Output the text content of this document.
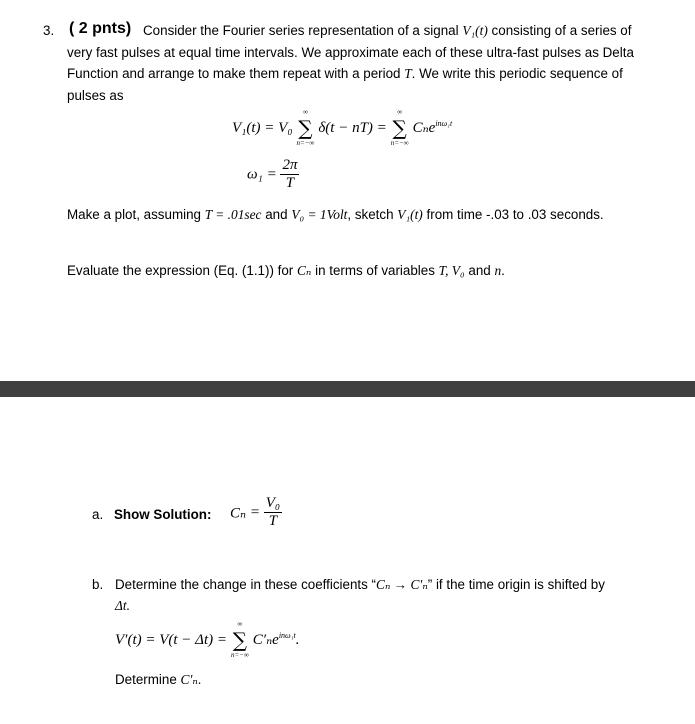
3. ( 2 pnts) Consider the Fourier series representation of a signal V₁(t) consisting of a series of
very fast pulses at equal time intervals. We approximate each of these ultra-fast pulses as Delta
Function and arrange to make them repeat with a period T. We write this periodic sequence of
pulses as
V₁(t) = V₀ ∑
∞
n=−∞
δ(t − nT) = ∑
∞
n=−∞
Cₙe$^{in\omega_1t}$
$\omega_1 = \frac{2\pi}{T}$
Make a plot, assuming T = .01sec and V₀ = 1Volt, sketch V₁(t) from time -.03 to .03 seconds.
Evaluate the expression (Eq. (1.1)) for Cₙ in terms of variables T, V₀ and n.
a. Show Solution: $C_n = \frac{\text{V₀}}{T}$
b. Determine the change in these coefficients “Cₙ → C′ₙ” if the time origin is shifted by
Δt.
V′(t) = V(t − Δt) = ∑
∞
n=−∞
C′ₙe$^{in\omega_1t}$.
Determine C′ₙ.
